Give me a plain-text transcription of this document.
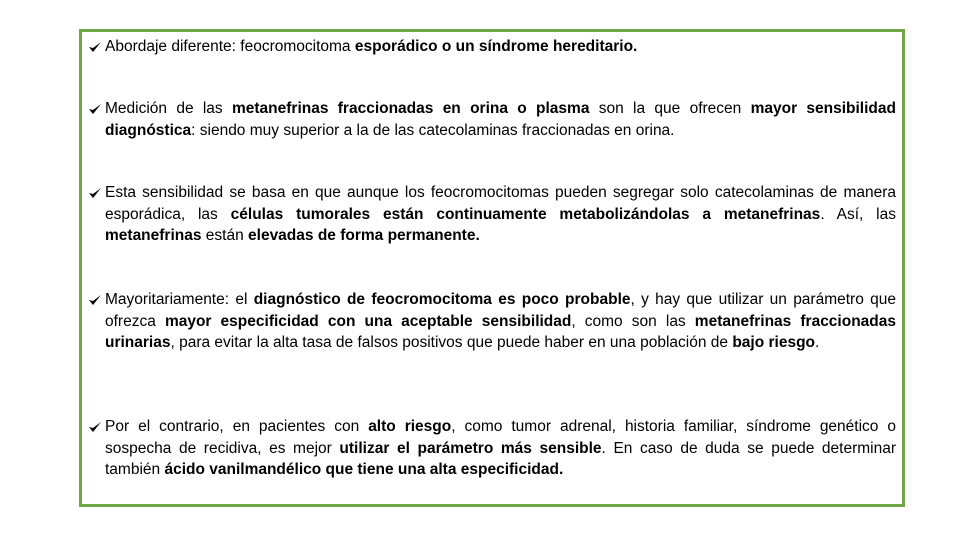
Abordaje diferente: feocromocitoma esporádico o un síndrome hereditario.
Medición de las metanefrinas fraccionadas en orina o plasma son la que ofrecen mayor sensibilidad diagnóstica: siendo muy superior a la de las catecolaminas fraccionadas en orina.
Esta sensibilidad se basa en que aunque los feocromocitomas pueden segregar solo catecolaminas de manera esporádica, las células tumorales están continuamente metabolizándolas a metanefrinas. Así, las metanefrinas están elevadas de forma permanente.
Mayoritariamente: el diagnóstico de feocromocitoma es poco probable, y hay que utilizar un parámetro que ofrezca mayor especificidad con una aceptable sensibilidad, como son las metanefrinas fraccionadas urinarias, para evitar la alta tasa de falsos positivos que puede haber en una población de bajo riesgo.
Por el contrario, en pacientes con alto riesgo, como tumor adrenal, historia familiar, síndrome genético o sospecha de recidiva, es mejor utilizar el parámetro más sensible. En caso de duda se puede determinar también ácido vanilmandélico que tiene una alta especificidad.
